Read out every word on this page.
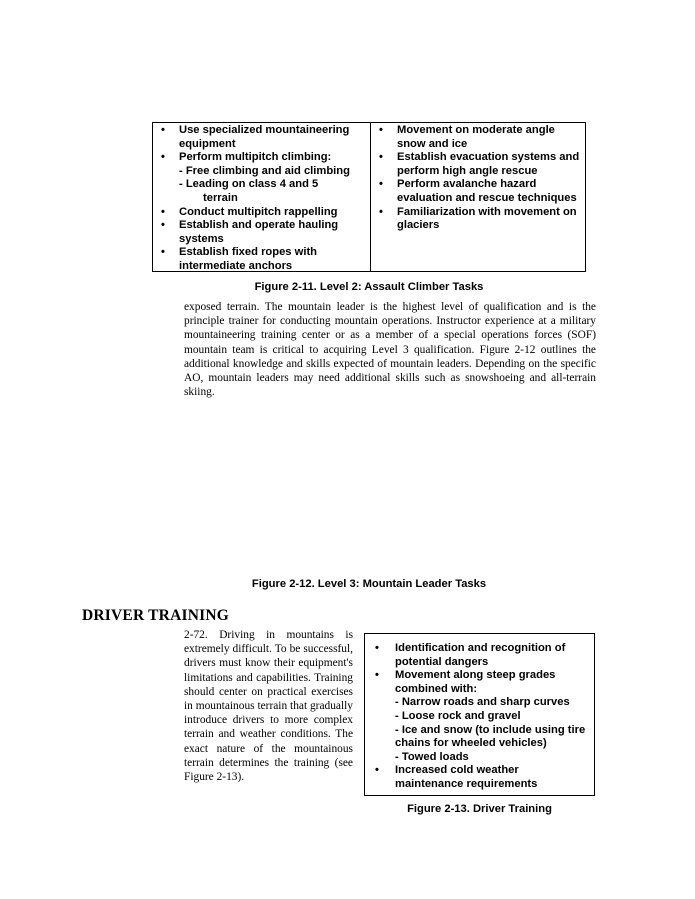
• Use specialized mountaineering equipment
• Perform multipitch climbing:
- Free climbing and aid climbing
- Leading on class 4 and 5
terrain
• Conduct multipitch rappelling
• Establish and operate hauling systems
• Establish fixed ropes with intermediate anchors
• Movement on moderate angle snow and ice
• Establish evacuation systems and perform high angle rescue
• Perform avalanche hazard evaluation and rescue techniques
• Familiarization with movement on glaciers
Figure 2-11. Level 2: Assault Climber Tasks
exposed terrain. The mountain leader is the highest level of qualification and is the principle trainer for conducting mountain operations. Instructor experience at a military mountaineering training center or as a member of a special operations forces (SOF) mountain team is critical to acquiring Level 3 qualification. Figure 2-12 outlines the additional knowledge and skills expected of mountain leaders. Depending on the specific AO, mountain leaders may need additional skills such as snowshoeing and all-terrain skiing.
Figure 2-12. Level 3: Mountain Leader Tasks
DRIVER TRAINING
2-72. Driving in mountains is extremely difficult. To be successful, drivers must know their equipment's limitations and capabilities. Training should center on practical exercises in mountainous terrain that gradually introduce drivers to more complex terrain and weather conditions. The exact nature of the mountainous terrain determines the training (see Figure 2-13).
• Identification and recognition of potential dangers
• Movement along steep grades combined with:
- Narrow roads and sharp curves
- Loose rock and gravel
- Ice and snow (to include using tire chains for wheeled vehicles)
- Towed loads
• Increased cold weather maintenance requirements
Figure 2-13. Driver Training
